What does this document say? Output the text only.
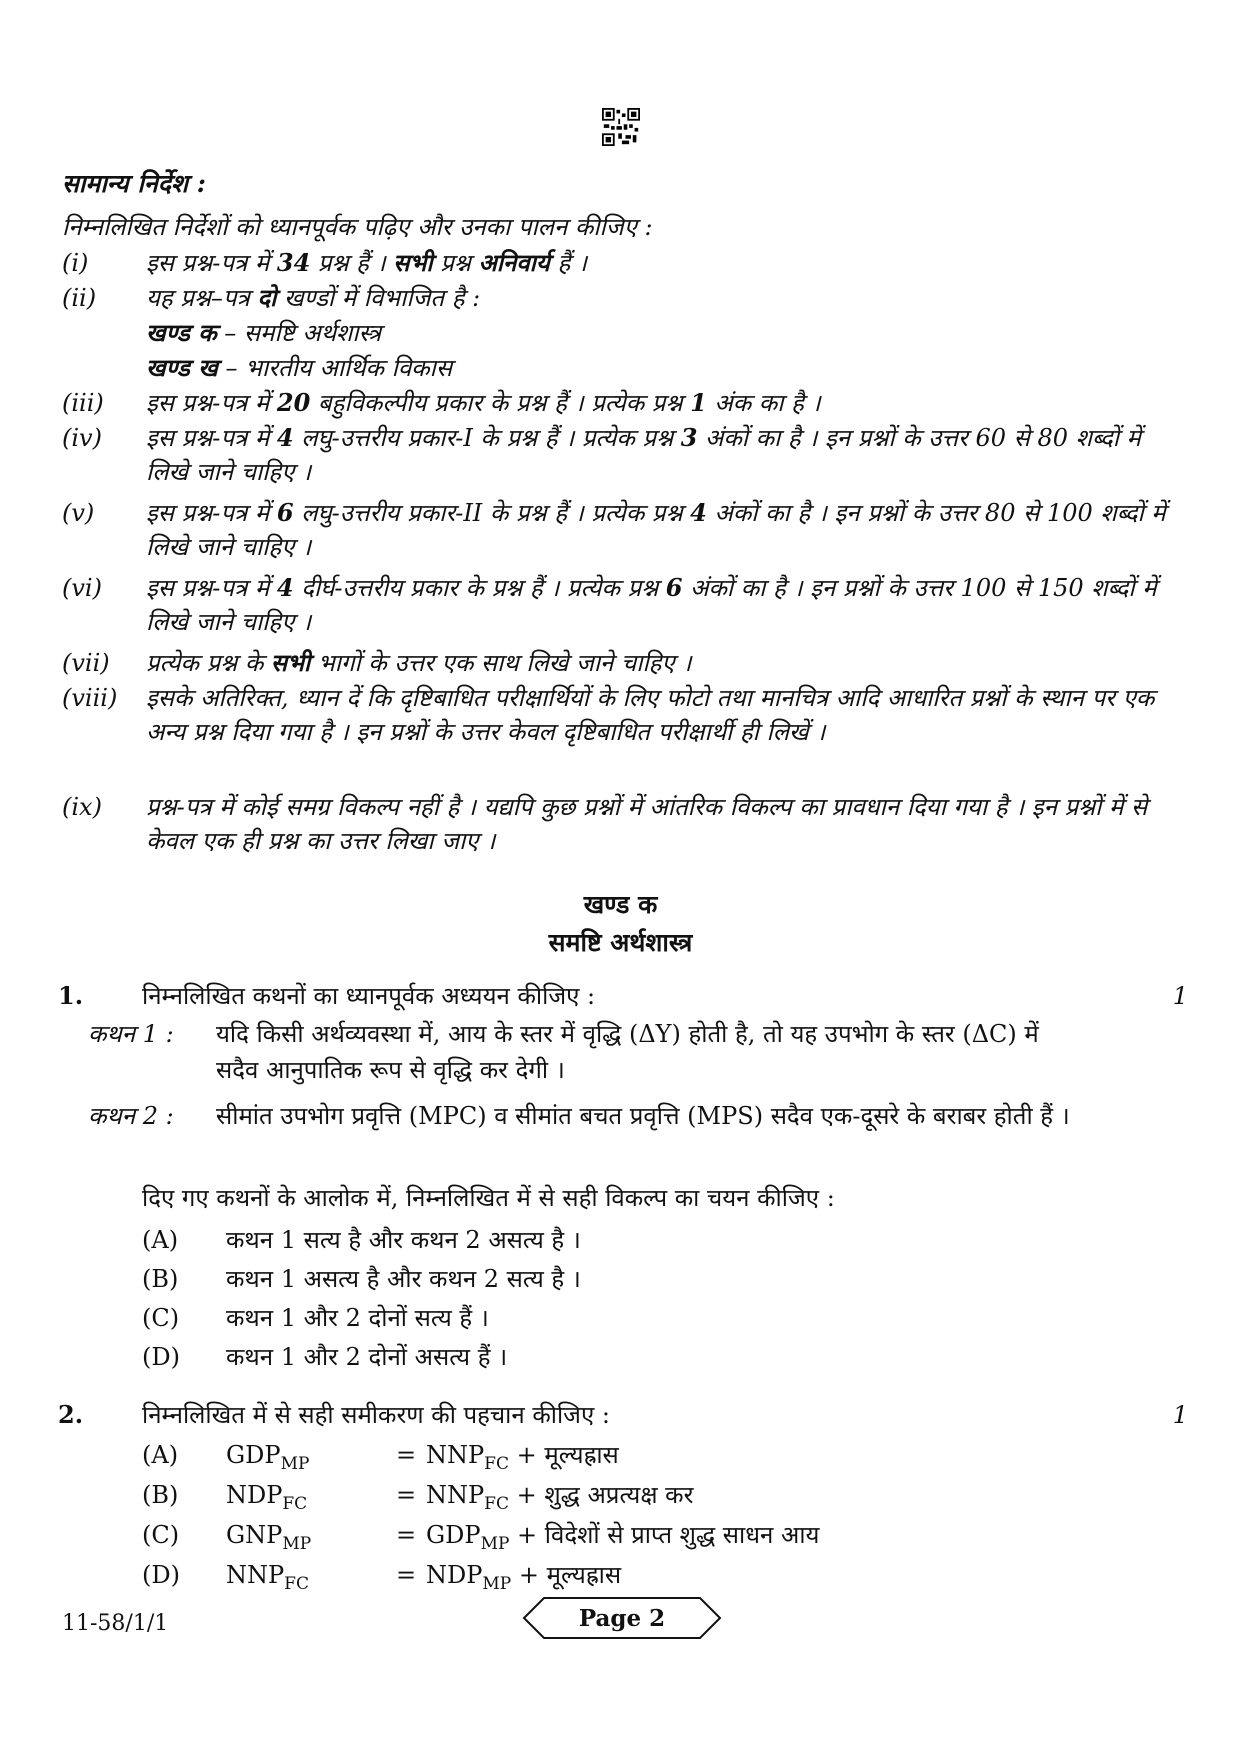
सामान्य निर्देश :
निम्नलिखित निर्देशों को ध्यानपूर्वक पढ़िए और उनका पालन कीजिए :
(i)	इस प्रश्न-पत्र में 34 प्रश्न हैं । सभी प्रश्न अनिवार्य हैं ।
(ii)	यह प्रश्न–पत्र दो खण्डों में विभाजित है :
खण्ड क – समष्टि अर्थशास्त्र
खण्ड ख – भारतीय आर्थिक विकास
(iii)	इस प्रश्न-पत्र में 20 बहुविकल्पीय प्रकार के प्रश्न हैं । प्रत्येक प्रश्न 1 अंक का है ।
(iv)	इस प्रश्न-पत्र में 4 लघु-उत्तरीय प्रकार-I के प्रश्न हैं । प्रत्येक प्रश्न 3 अंकों का है । इन प्रश्नों के उत्तर 60 से 80 शब्दों में लिखे जाने चाहिए ।
(v)	इस प्रश्न-पत्र में 6 लघु-उत्तरीय प्रकार-II के प्रश्न हैं । प्रत्येक प्रश्न 4 अंकों का है । इन प्रश्नों के उत्तर 80 से 100 शब्दों में लिखे जाने चाहिए ।
(vi)	इस प्रश्न-पत्र में 4 दीर्घ-उत्तरीय प्रकार के प्रश्न हैं । प्रत्येक प्रश्न 6 अंकों का है । इन प्रश्नों के उत्तर 100 से 150 शब्दों में लिखे जाने चाहिए ।
(vii)	प्रत्येक प्रश्न के सभी भागों के उत्तर एक साथ लिखे जाने चाहिए ।
(viii)	इसके अतिरिक्त, ध्यान दें कि दृष्टिबाधित परीक्षार्थियों के लिए फोटो तथा मानचित्र आदि आधारित प्रश्नों के स्थान पर एक अन्य प्रश्न दिया गया है । इन प्रश्नों के उत्तर केवल दृष्टिबाधित परीक्षार्थी ही लिखें ।
(ix)	प्रश्न-पत्र में कोई समग्र विकल्प नहीं है । यद्यपि कुछ प्रश्नों में आंतरिक विकल्प का प्रावधान दिया गया है । इन प्रश्नों में से केवल एक ही प्रश्न का उत्तर लिखा जाए ।
खण्ड क
समष्टि अर्थशास्त्र
1. निम्नलिखित कथनों का ध्यानपूर्वक अध्ययन कीजिए :	1
कथन 1 :	यदि किसी अर्थव्यवस्था में, आय के स्तर में वृद्धि (ΔY) होती है, तो यह उपभोग के स्तर (ΔC) में सदैव आनुपातिक रूप से वृद्धि कर देगी ।
कथन 2 :	सीमांत उपभोग प्रवृत्ति (MPC) व सीमांत बचत प्रवृत्ति (MPS) सदैव एक-दूसरे के बराबर होती हैं ।
दिए गए कथनों के आलोक में, निम्नलिखित में से सही विकल्प का चयन कीजिए :
(A)	कथन 1 सत्य है और कथन 2 असत्य है ।
(B)	कथन 1 असत्य है और कथन 2 सत्य है ।
(C)	कथन 1 और 2 दोनों सत्य हैं ।
(D)	कथन 1 और 2 दोनों असत्य हैं ।
2. निम्नलिखित में से सही समीकरण की पहचान कीजिए :	1
(A)	$GDP_{MP}$	= $NNP_{FC}$ + मूल्यह्रास
(B)	$NDP_{FC}$	= $NNP_{FC}$ + शुद्ध अप्रत्यक्ष कर
(C)	$GNP_{MP}$	= $GDP_{MP}$ + विदेशों से प्राप्त शुद्ध साधन आय
(D)	$NNP_{FC}$	= $NDP_{MP}$ + मूल्यह्रास
11-58/1/1	Page 2
